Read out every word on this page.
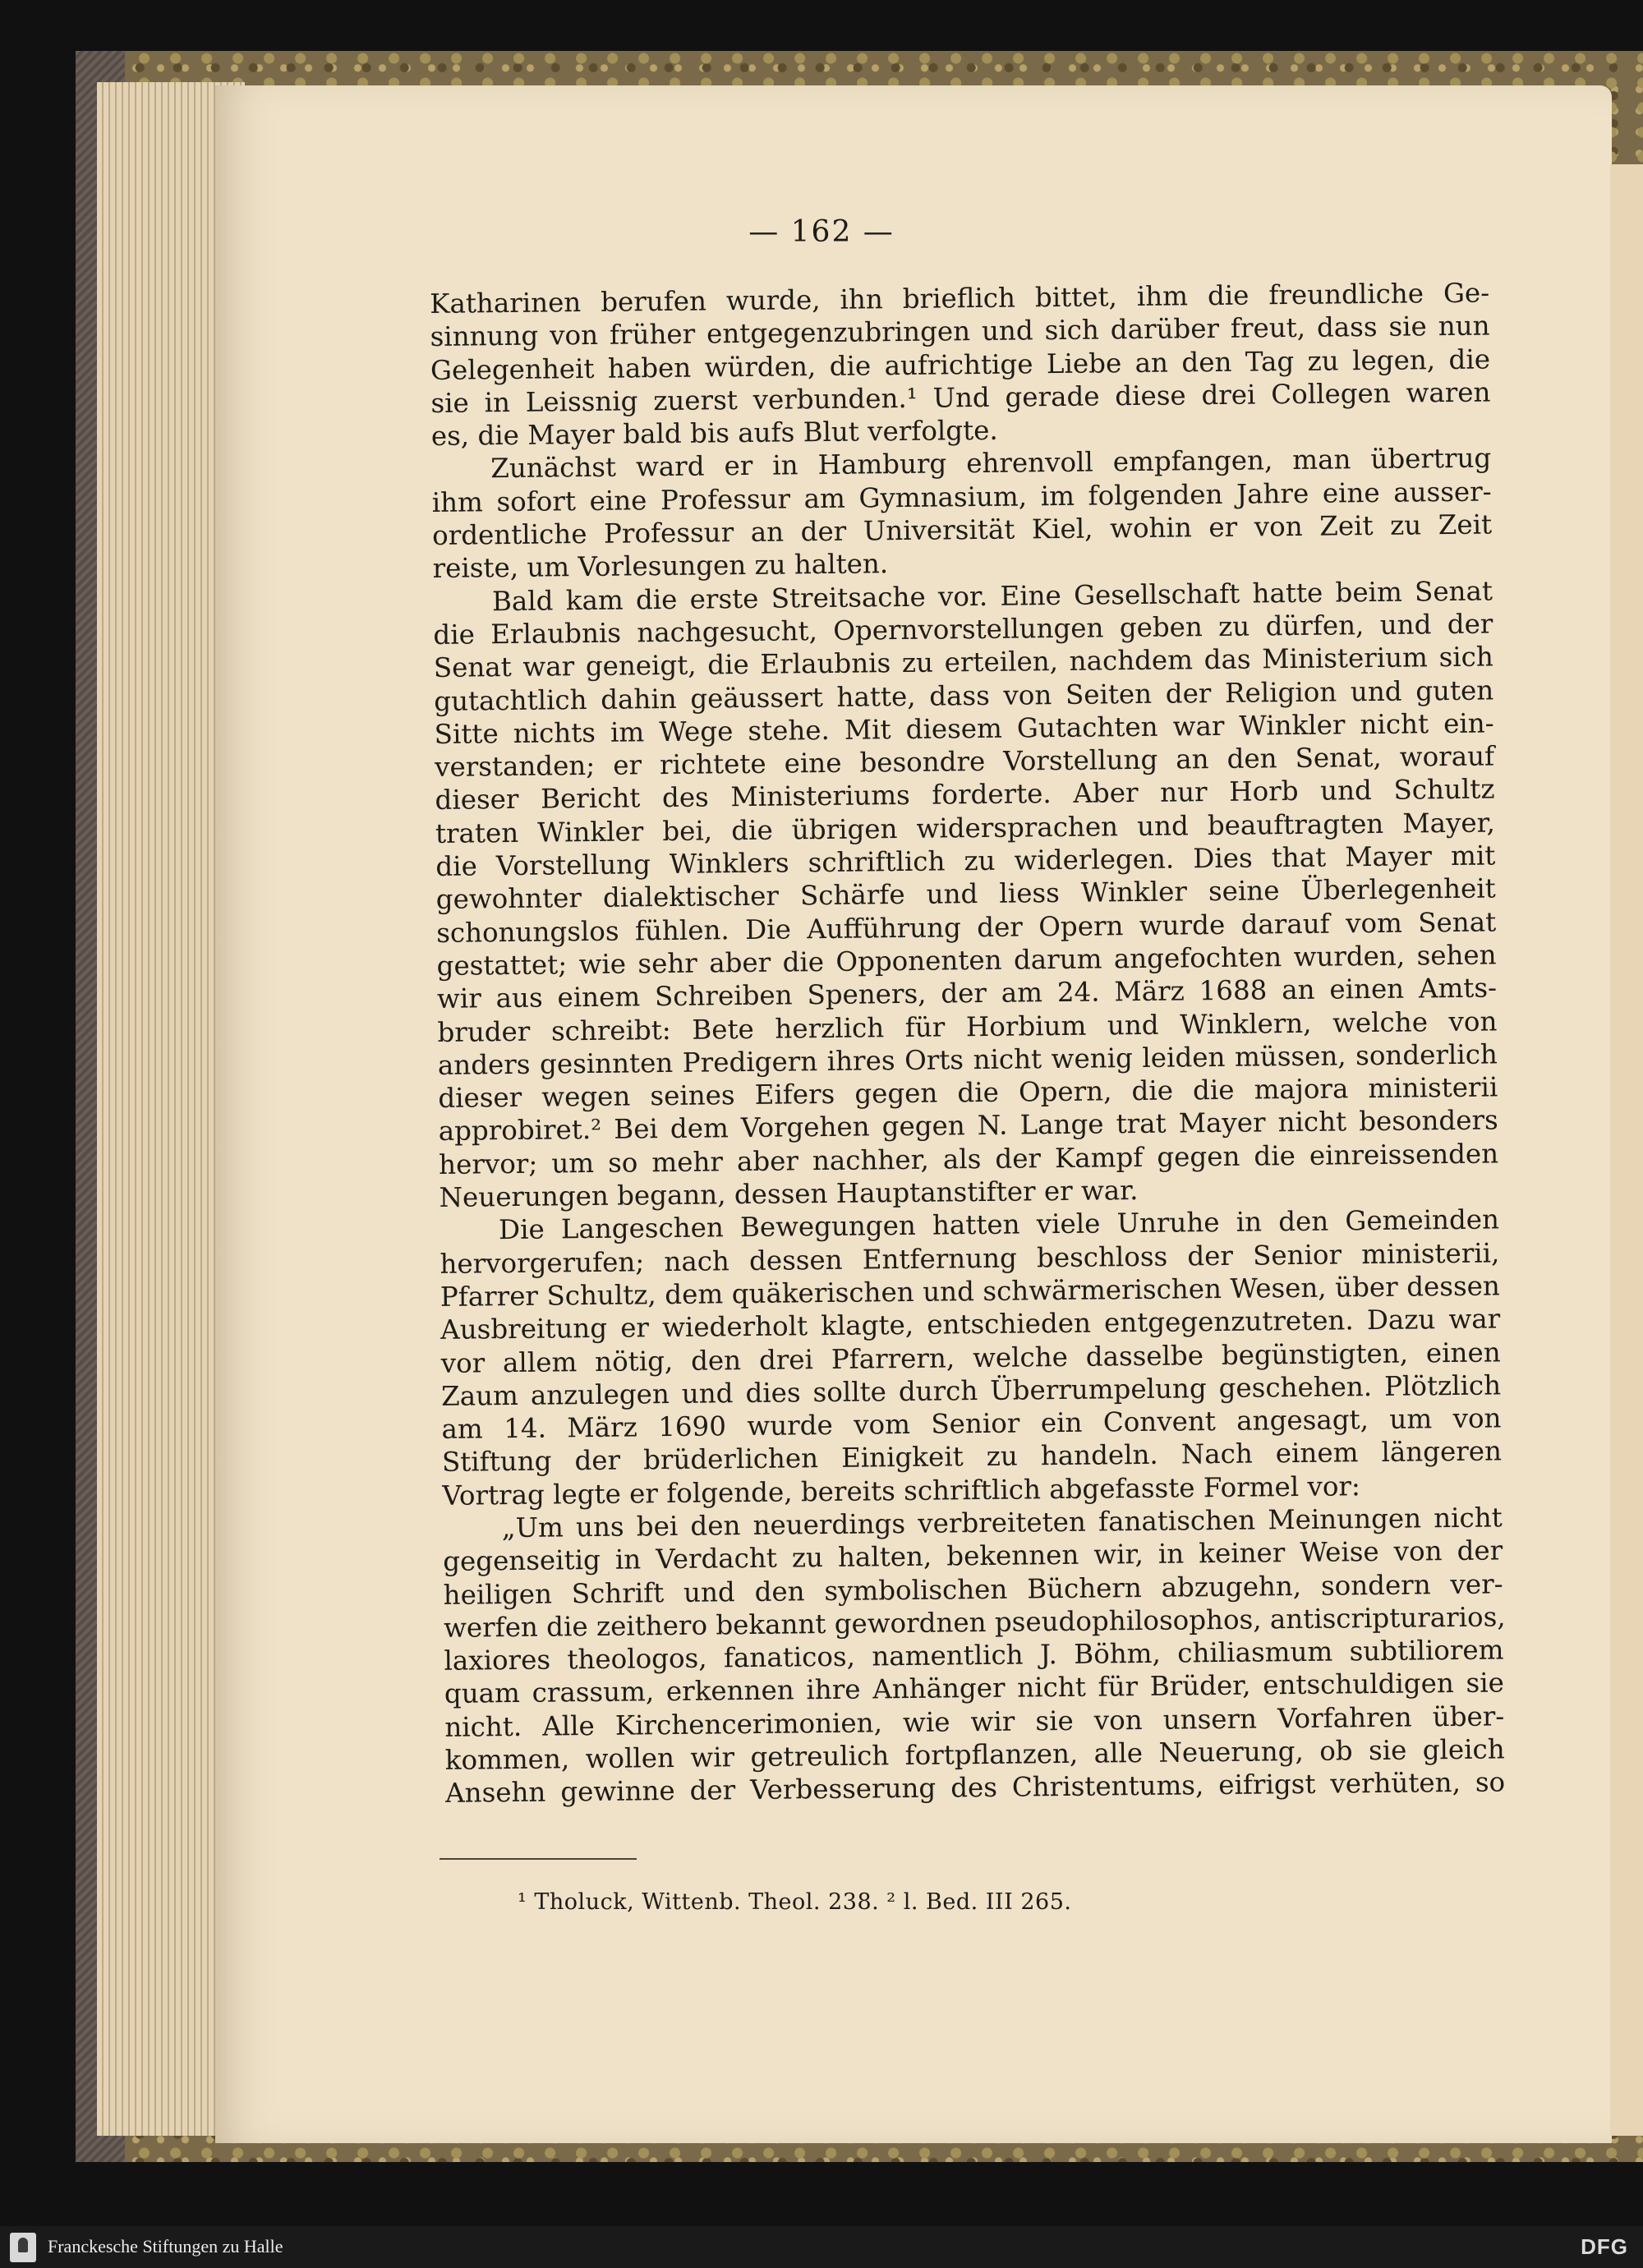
— 162 —
Katharinen berufen wurde, ihn brieflich bittet, ihm die freundliche Ge-
sinnung von früher entgegenzubringen und sich darüber freut, dass sie nun
Gelegenheit haben würden, die aufrichtige Liebe an den Tag zu legen, die
sie in Leissnig zuerst verbunden.¹ Und gerade diese drei Collegen waren
es, die Mayer bald bis aufs Blut verfolgte.
Zunächst ward er in Hamburg ehrenvoll empfangen, man übertrug
ihm sofort eine Professur am Gymnasium, im folgenden Jahre eine ausser-
ordentliche Professur an der Universität Kiel, wohin er von Zeit zu Zeit
reiste, um Vorlesungen zu halten.
Bald kam die erste Streitsache vor. Eine Gesellschaft hatte beim Senat
die Erlaubnis nachgesucht, Opernvorstellungen geben zu dürfen, und der
Senat war geneigt, die Erlaubnis zu erteilen, nachdem das Ministerium sich
gutachtlich dahin geäussert hatte, dass von Seiten der Religion und guten
Sitte nichts im Wege stehe. Mit diesem Gutachten war Winkler nicht ein-
verstanden; er richtete eine besondre Vorstellung an den Senat, worauf
dieser Bericht des Ministeriums forderte. Aber nur Horb und Schultz
traten Winkler bei, die übrigen widersprachen und beauftragten Mayer,
die Vorstellung Winklers schriftlich zu widerlegen. Dies that Mayer mit
gewohnter dialektischer Schärfe und liess Winkler seine Überlegenheit
schonungslos fühlen. Die Aufführung der Opern wurde darauf vom Senat
gestattet; wie sehr aber die Opponenten darum angefochten wurden, sehen
wir aus einem Schreiben Speners, der am 24. März 1688 an einen Amts-
bruder schreibt: Bete herzlich für Horbium und Winklern, welche von
anders gesinnten Predigern ihres Orts nicht wenig leiden müssen, sonderlich
dieser wegen seines Eifers gegen die Opern, die die majora ministerii
approbiret.² Bei dem Vorgehen gegen N. Lange trat Mayer nicht besonders
hervor; um so mehr aber nachher, als der Kampf gegen die einreissenden
Neuerungen begann, dessen Hauptanstifter er war.
Die Langeschen Bewegungen hatten viele Unruhe in den Gemeinden
hervorgerufen; nach dessen Entfernung beschloss der Senior ministerii,
Pfarrer Schultz, dem quäkerischen und schwärmerischen Wesen, über dessen
Ausbreitung er wiederholt klagte, entschieden entgegenzutreten. Dazu war
vor allem nötig, den drei Pfarrern, welche dasselbe begünstigten, einen
Zaum anzulegen und dies sollte durch Überrumpelung geschehen. Plötzlich
am 14. März 1690 wurde vom Senior ein Convent angesagt, um von
Stiftung der brüderlichen Einigkeit zu handeln. Nach einem längeren
Vortrag legte er folgende, bereits schriftlich abgefasste Formel vor:
„Um uns bei den neuerdings verbreiteten fanatischen Meinungen nicht
gegenseitig in Verdacht zu halten, bekennen wir, in keiner Weise von der
heiligen Schrift und den symbolischen Büchern abzugehn, sondern ver-
werfen die zeithero bekannt gewordnen pseudophilosophos, antiscripturarios,
laxiores theologos, fanaticos, namentlich J. Böhm, chiliasmum subtiliorem
quam crassum, erkennen ihre Anhänger nicht für Brüder, entschuldigen sie
nicht. Alle Kirchencerimonien, wie wir sie von unsern Vorfahren über-
kommen, wollen wir getreulich fortpflanzen, alle Neuerung, ob sie gleich
Ansehn gewinne der Verbesserung des Christentums, eifrigst verhüten, so
¹ Tholuck, Wittenb. Theol. 238. ² l. Bed. III 265.
Franckesche Stiftungen zu Halle	DFG
